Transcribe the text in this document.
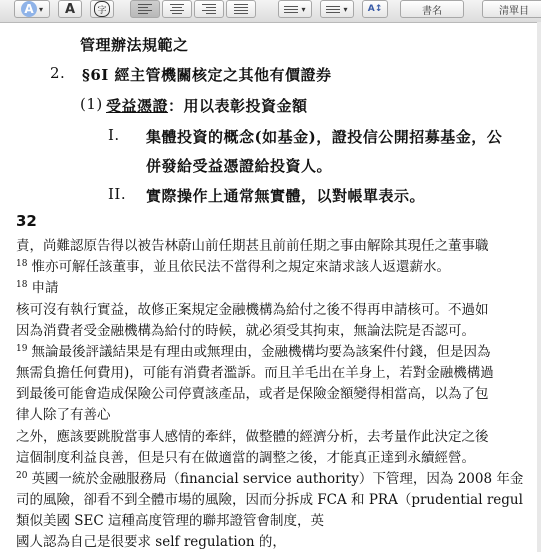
A ▾ A	字	▾	▾ A↕	書名	清單目
管理辦法規範之
2. §6I 經主管機關核定之其他有價證券
(1) 受益憑證：用以表彰投資金額
I. 集體投資的概念(如基金)，證投信公開招募基金，公
併發給受益憑證給投資人。
II. 實際操作上通常無實體，以對帳單表示。
32
責，尚難認原告得以被告林蔚山前任期甚且前前任期之事由解除其現任之董事職
$^{18}$ 惟亦可解任該董事，並且依民法不當得利之規定來請求該人返還薪水。
$^{18}$ 申請
核可沒有執行實益，故修正案規定金融機構為給付之後不得再申請核可。不過如
因為消費者受金融機構為給付的時候，就必須受其拘束，無論法院是否認可。
$^{19}$ 無論最後評議結果是有理由或無理由，金融機構均要為該案件付錢，但是因為
無需負擔任何費用)，可能有消費者濫訴。而且羊毛出在羊身上，若對金融機構過
到最後可能會造成保險公司停賣該產品，或者是保險金額變得相當高，以為了包
律人除了有善心
之外，應該要跳脫當事人感情的牽絆，做整體的經濟分析，去考量作此決定之後
這個制度利益良善，但是只有在做適當的調整之後，才能真正達到永續經營。
$^{20}$ 英國一統於金融服務局（financial service authority）下管理，因為 2008 年金
司的風險，卻看不到全體市場的風險，因而分拆成 FCA 和 PRA（prudential regul
類似美國 SEC 這種高度管理的聯邦證管會制度，英
國人認為自己是很要求 self regulation 的，
